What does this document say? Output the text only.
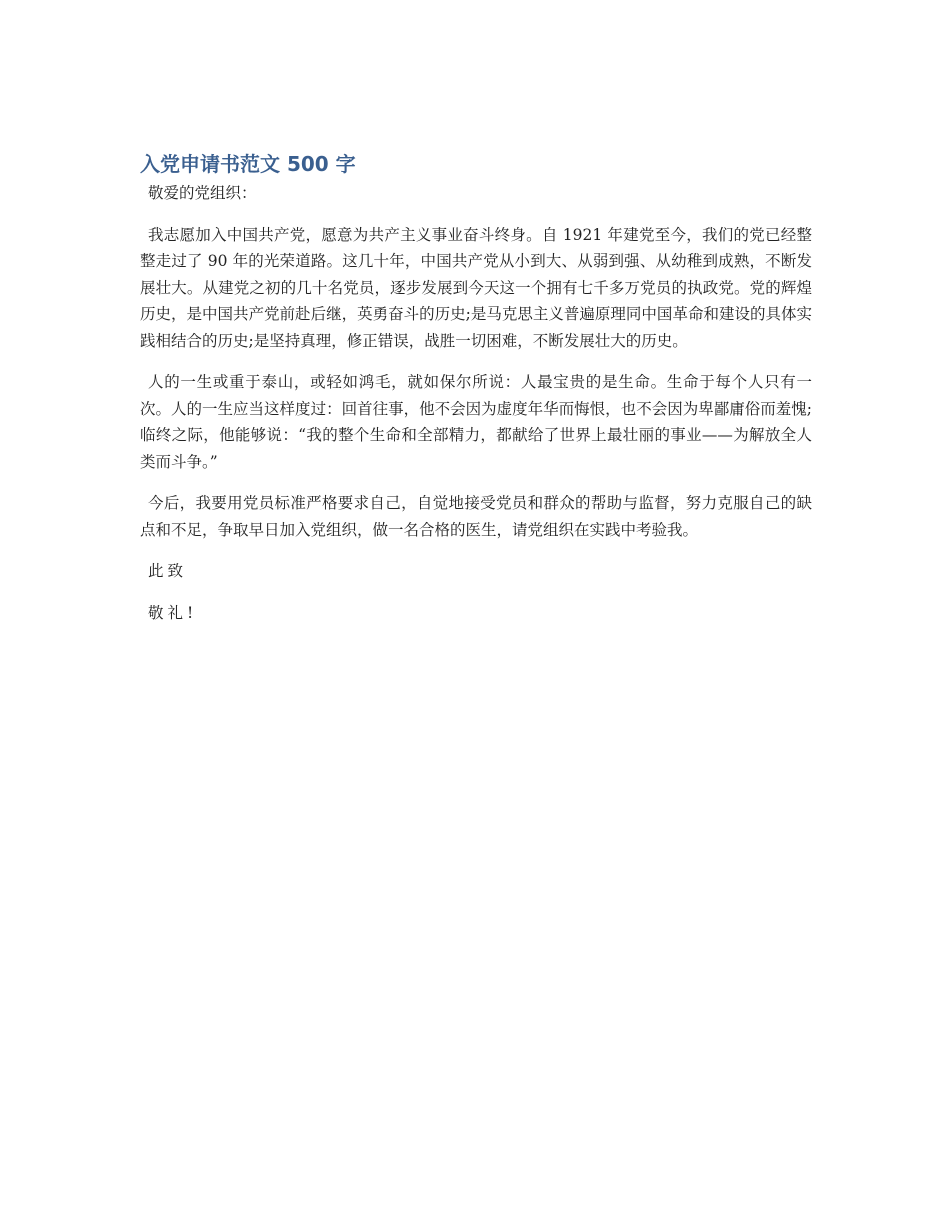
入党申请书范文 500 字

敬爱的党组织：

我志愿加入中国共产党，愿意为共产主义事业奋斗终身。自 1921 年建党至今，我们的党已经整整走过了 90 年的光荣道路。这几十年，中国共产党从小到大、从弱到强、从幼稚到成熟，不断发展壮大。从建党之初的几十名党员，逐步发展到今天这一个拥有七千多万党员的执政党。党的辉煌历史，是中国共产党前赴后继，英勇奋斗的历史;是马克思主义普遍原理同中国革命和建设的具体实践相结合的历史;是坚持真理，修正错误，战胜一切困难，不断发展壮大的历史。

人的一生或重于泰山，或轻如鸿毛，就如保尔所说：人最宝贵的是生命。生命于每个人只有一次。人的一生应当这样度过：回首往事，他不会因为虚度年华而悔恨，也不会因为卑鄙庸俗而羞愧;临终之际，他能够说：“我的整个生命和全部精力，都献给了世界上最壮丽的事业——为解放全人类而斗争。”

今后，我要用党员标准严格要求自己，自觉地接受党员和群众的帮助与监督，努力克服自己的缺点和不足，争取早日加入党组织，做一名合格的医生，请党组织在实践中考验我。

此致

敬礼!
